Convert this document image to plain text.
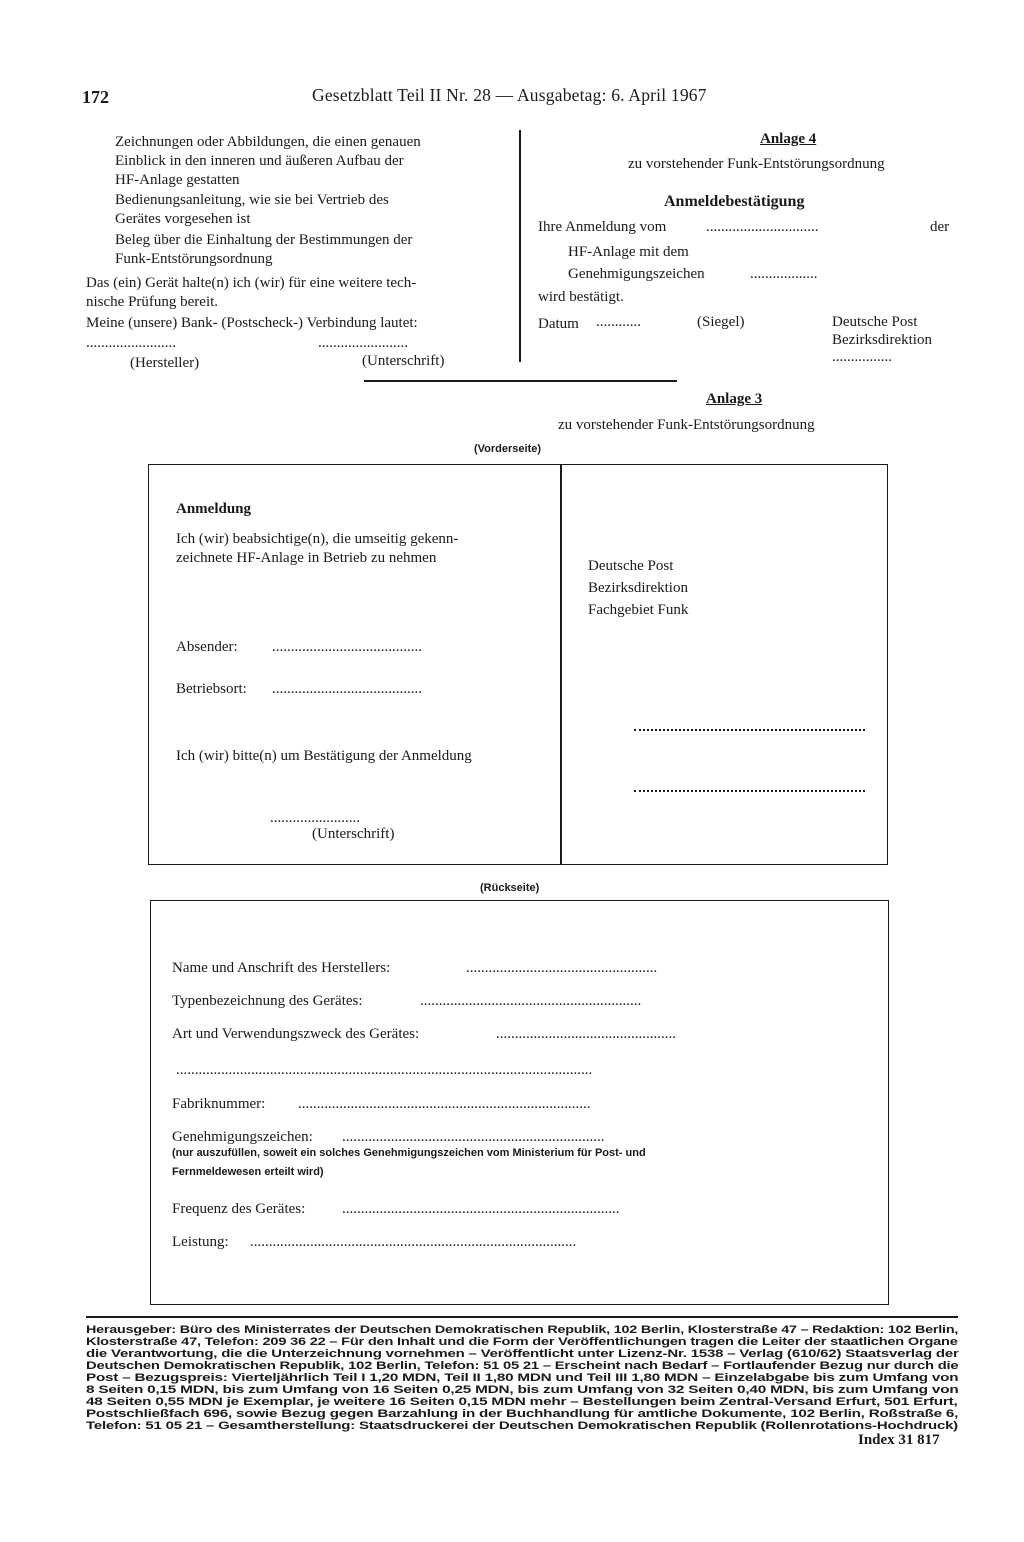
172	Gesetzblatt Teil II Nr. 28 — Ausgabetag: 6. April 1967
Zeichnungen oder Abbildungen, die einen genauen
Einblick in den inneren und äußeren Aufbau der
HF-Anlage gestatten
Bedienungsanleitung, wie sie bei Vertrieb des
Gerätes vorgesehen ist
Beleg über die Einhaltung der Bestimmungen der
Funk-Entstörungsordnung
Das (ein) Gerät halte(n) ich (wir) für eine weitere tech-
nische Prüfung bereit.
Meine (unsere) Bank- (Postscheck-) Verbindung lautet:
........................	........................
(Hersteller)	(Unterschrift)
Anlage 4
zu vorstehender Funk-Entstörungsordnung
Anmeldebestätigung
Ihre Anmeldung vom	..............................	der
HF-Anlage mit dem
Genehmigungszeichen	..................
wird bestätigt.
Datum ............	(Siegel)	Deutsche Post
Bezirksdirektion
................
Anlage 3
zu vorstehender Funk-Entstörungsordnung
(Vorderseite)
Anmeldung
Ich (wir) beabsichtige(n), die umseitig gekenn-
zeichnete HF-Anlage in Betrieb zu nehmen
Absender: ........................................
Betriebsort: ........................................
Ich (wir) bitte(n) um Bestätigung der Anmeldung
........................
(Unterschrift)
Deutsche Post
Bezirksdirektion
Fachgebiet Funk
(Rückseite)
Name und Anschrift des Herstellers:	...................................................
Typenbezeichnung des Gerätes:	...........................................................
Art und Verwendungszweck des Gerätes:	................................................
...............................................................................................................
Fabriknummer: ..............................................................................
Genehmigungszeichen: ......................................................................
(nur auszufüllen, soweit ein solches Genehmigungszeichen vom Ministerium für Post- und
Fernmeldewesen erteilt wird)
Frequenz des Gerätes: ..........................................................................
Leistung: .......................................................................................
Herausgeber: Büro des Ministerrates der Deutschen Demokratischen Republik, 102 Berlin, Klosterstraße 47 – Redaktion: 102 Berlin,
Klosterstraße 47, Telefon: 209 36 22 – Für den Inhalt und die Form der Veröffentlichungen tragen die Leiter der staatlichen Organe
die Verantwortung, die die Unterzeichnung vornehmen – Veröffentlicht unter Lizenz-Nr. 1538 – Verlag (610/62) Staatsverlag der
Deutschen Demokratischen Republik, 102 Berlin, Telefon: 51 05 21 – Erscheint nach Bedarf – Fortlaufender Bezug nur durch die
Post – Bezugspreis: Vierteljährlich Teil I 1,20 MDN, Teil II 1,80 MDN und Teil III 1,80 MDN – Einzelabgabe bis zum Umfang von
8 Seiten 0,15 MDN, bis zum Umfang von 16 Seiten 0,25 MDN, bis zum Umfang von 32 Seiten 0,40 MDN, bis zum Umfang von
48 Seiten 0,55 MDN je Exemplar, je weitere 16 Seiten 0,15 MDN mehr – Bestellungen beim Zentral-Versand Erfurt, 501 Erfurt,
Postschließfach 696, sowie Bezug gegen Barzahlung in der Buchhandlung für amtliche Dokumente, 102 Berlin, Roßstraße 6,
Telefon: 51 05 21 – Gesamtherstellung: Staatsdruckerei der Deutschen Demokratischen Republik (Rollenrotations-Hochdruck)
Index 31 817
